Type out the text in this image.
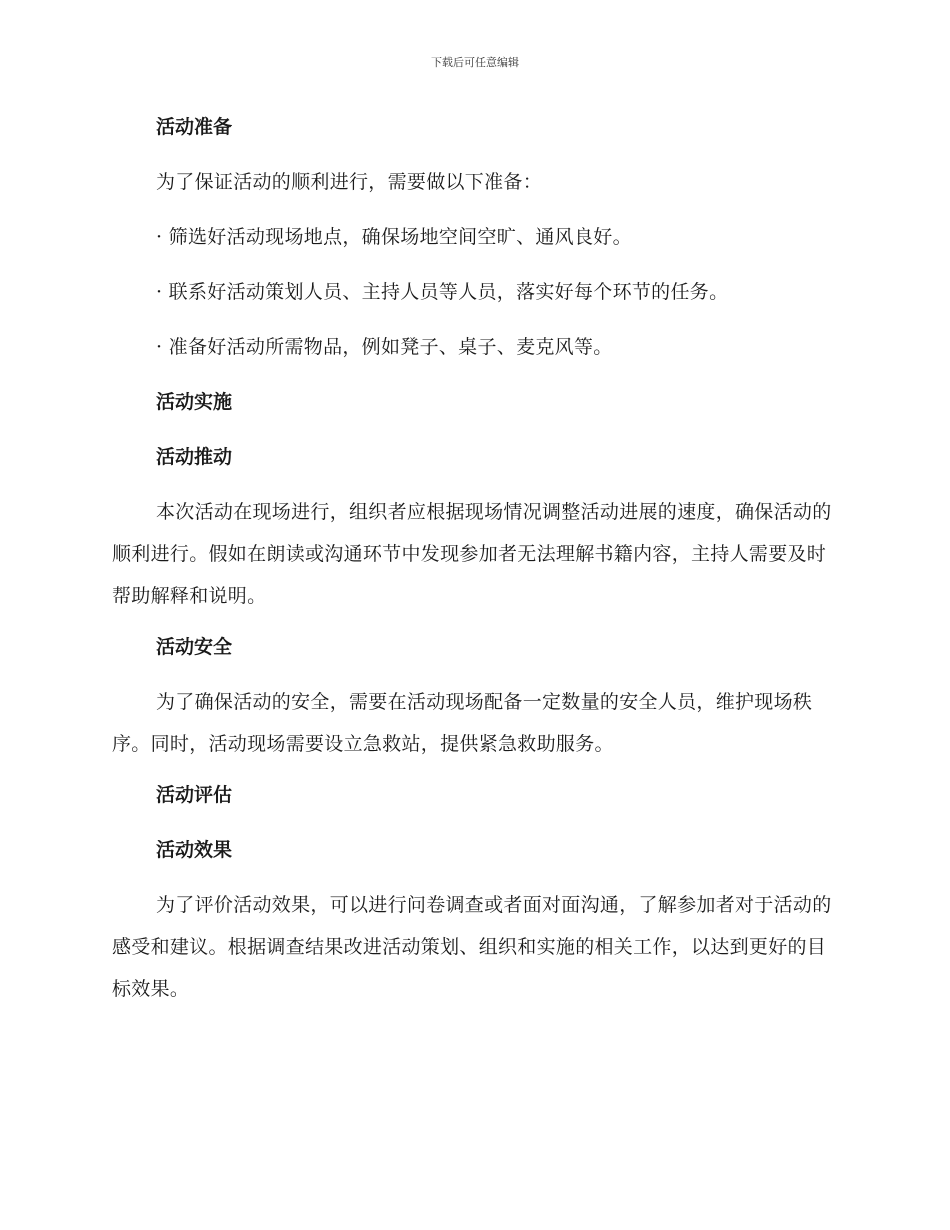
下载后可任意编辑
活动准备

为了保证活动的顺利进行，需要做以下准备：

· 筛选好活动现场地点，确保场地空间空旷、通风良好。

· 联系好活动策划人员、主持人员等人员，落实好每个环节的任务。

· 准备好活动所需物品，例如凳子、桌子、麦克风等。

活动实施
活动推动

本次活动在现场进行，组织者应根据现场情况调整活动进展的速度，确保活动的顺利进行。假如在朗读或沟通环节中发现参加者无法理解书籍内容，主持人需要及时帮助解释和说明。

活动安全

为了确保活动的安全，需要在活动现场配备一定数量的安全人员，维护现场秩序。同时，活动现场需要设立急救站，提供紧急救助服务。

活动评估
活动效果

为了评价活动效果，可以进行问卷调查或者面对面沟通，了解参加者对于活动的感受和建议。根据调查结果改进活动策划、组织和实施的相关工作，以达到更好的目标效果。
